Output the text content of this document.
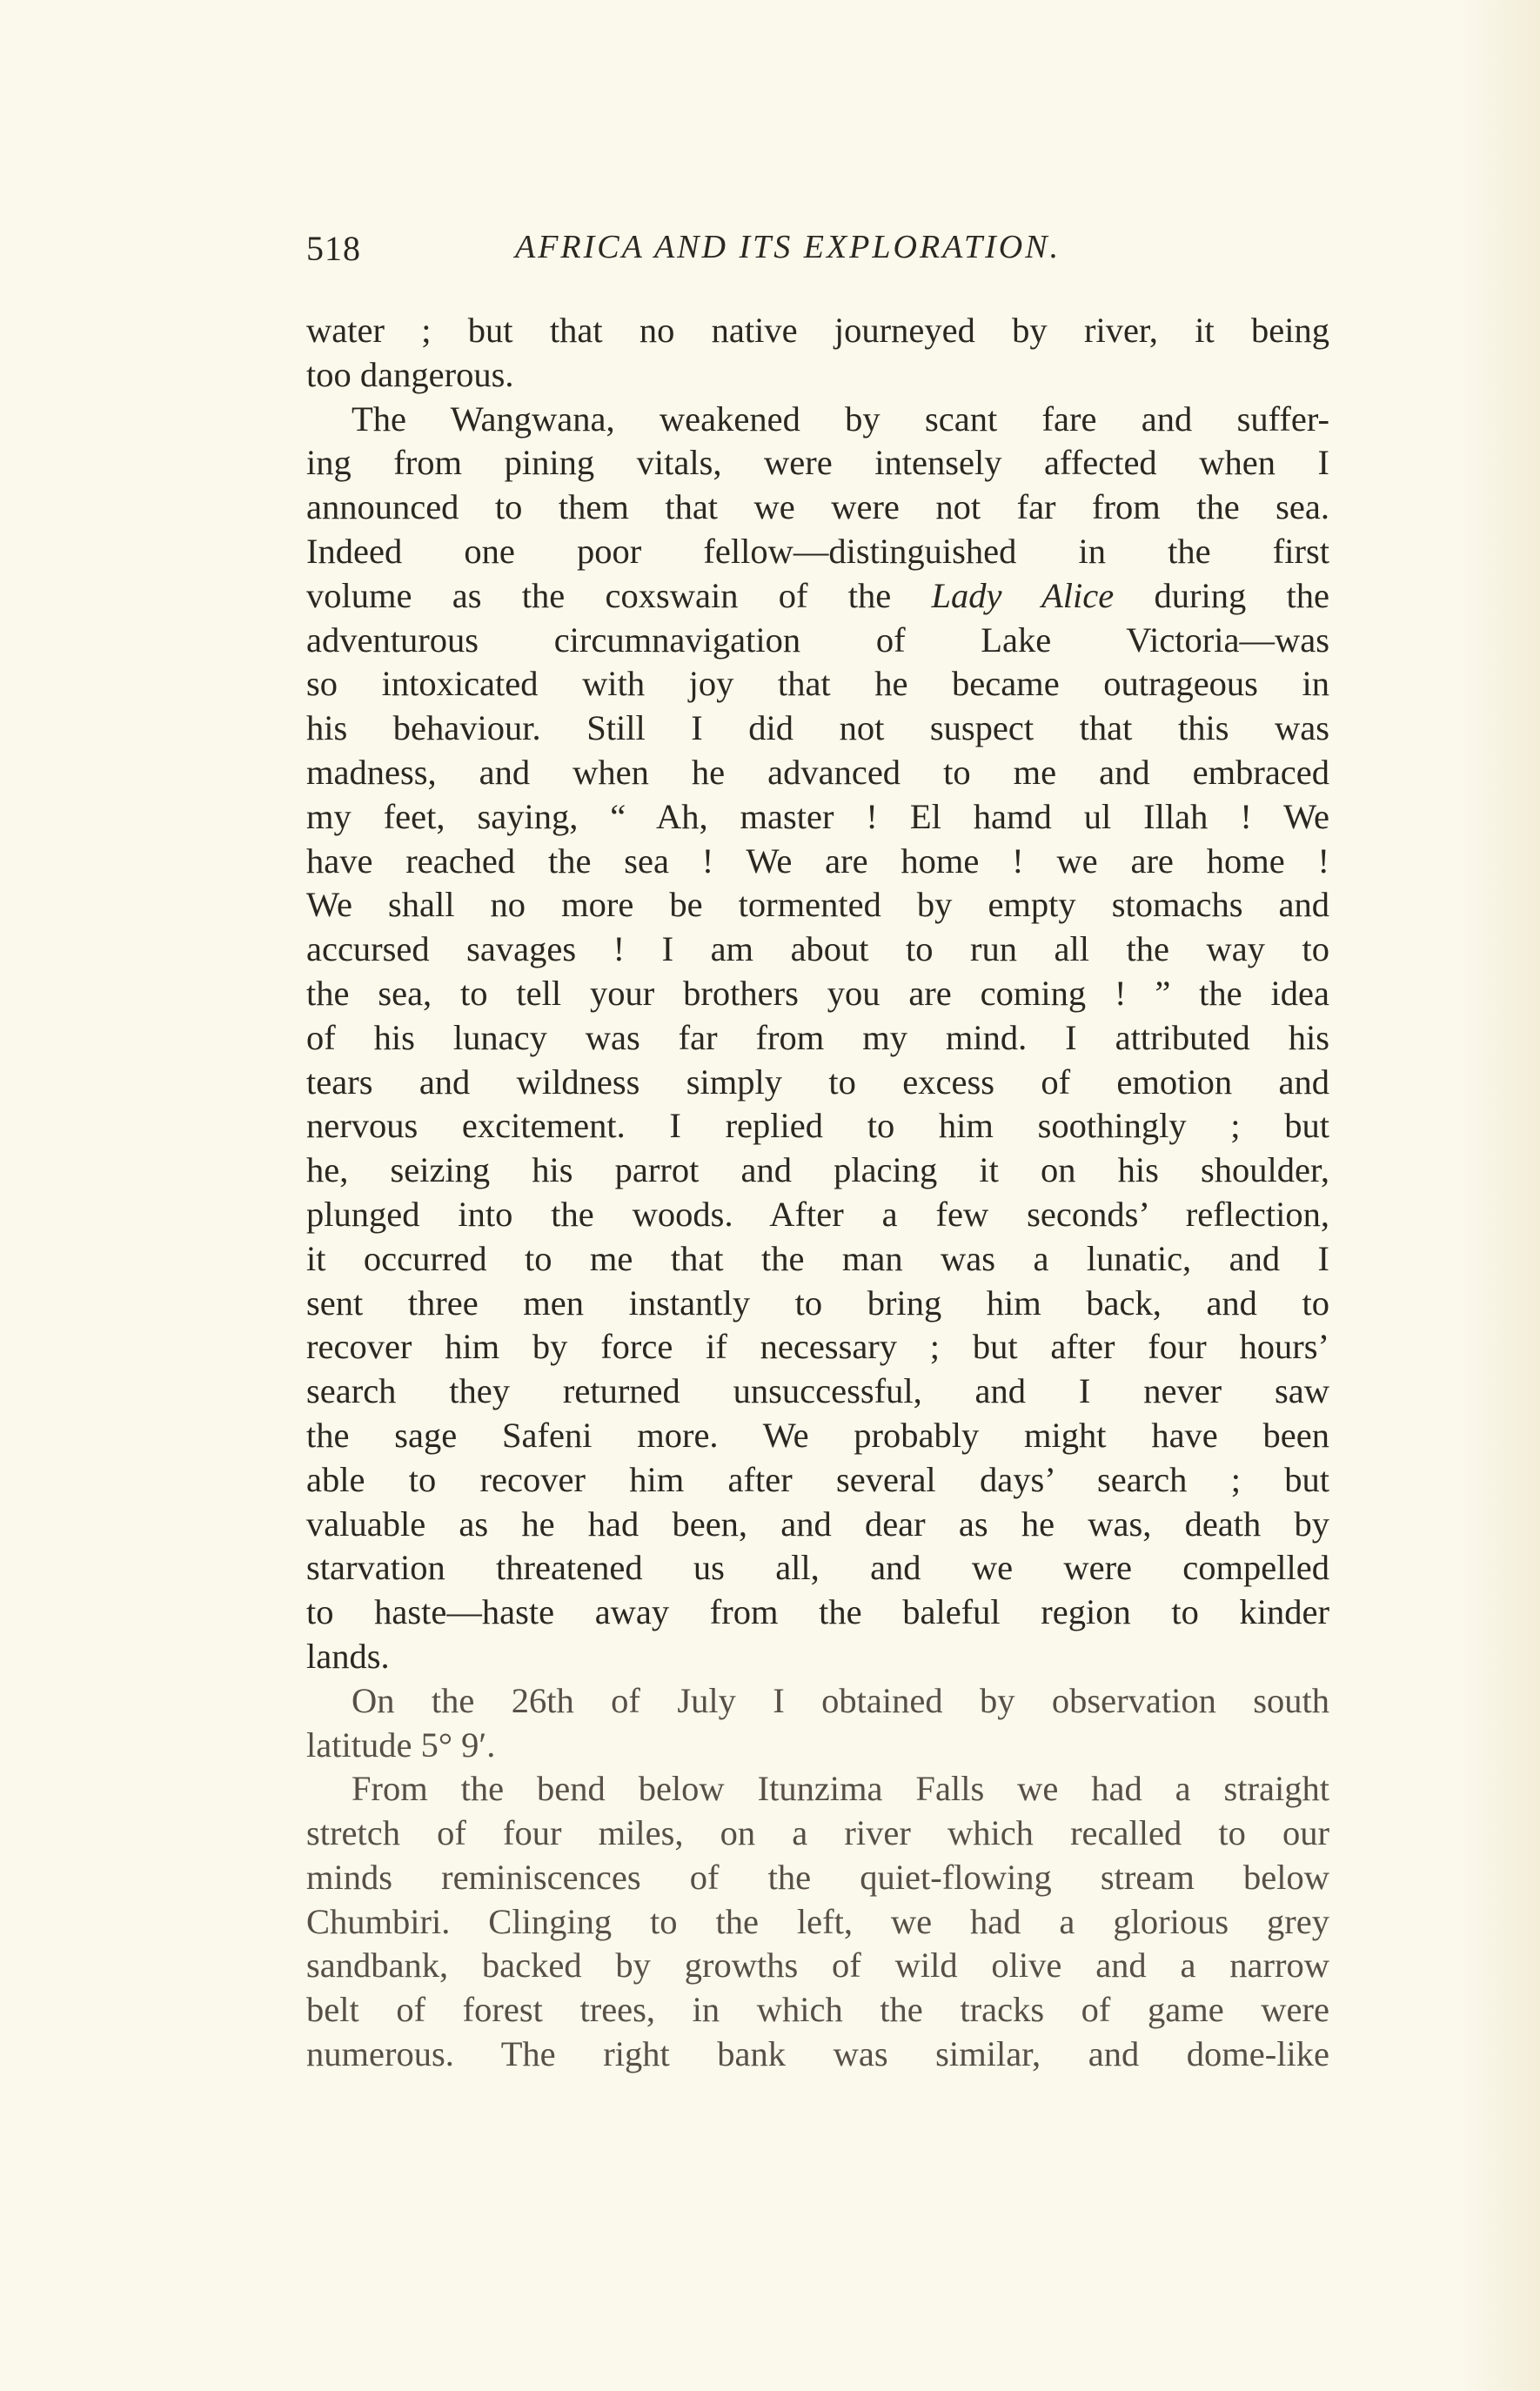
518	AFRICA AND ITS EXPLORATION.
water ; but that no native journeyed by river, it being
too dangerous.
The Wangwana, weakened by scant fare and suffer-
ing from pining vitals, were intensely affected when I
announced to them that we were not far from the sea.
Indeed one poor fellow—distinguished in the first
volume as the coxswain of the Lady Alice during the
adventurous circumnavigation of Lake Victoria—was
so intoxicated with joy that he became outrageous in
his behaviour. Still I did not suspect that this was
madness, and when he advanced to me and embraced
my feet, saying, “ Ah, master ! El hamd ul Illah ! We
have reached the sea ! We are home ! we are home !
We shall no more be tormented by empty stomachs and
accursed savages ! I am about to run all the way to
the sea, to tell your brothers you are coming ! ” the idea
of his lunacy was far from my mind. I attributed his
tears and wildness simply to excess of emotion and
nervous excitement. I replied to him soothingly ; but
he, seizing his parrot and placing it on his shoulder,
plunged into the woods. After a few seconds’ reflection,
it occurred to me that the man was a lunatic, and I
sent three men instantly to bring him back, and to
recover him by force if necessary ; but after four hours’
search they returned unsuccessful, and I never saw
the sage Safeni more. We probably might have been
able to recover him after several days’ search ; but
valuable as he had been, and dear as he was, death by
starvation threatened us all, and we were compelled
to haste—haste away from the baleful region to kinder
lands.
On the 26th of July I obtained by observation south
latitude 5° 9′.
From the bend below Itunzima Falls we had a straight
stretch of four miles, on a river which recalled to our
minds reminiscences of the quiet-flowing stream below
Chumbiri. Clinging to the left, we had a glorious grey
sandbank, backed by growths of wild olive and a narrow
belt of forest trees, in which the tracks of game were
numerous. The right bank was similar, and dome-like
